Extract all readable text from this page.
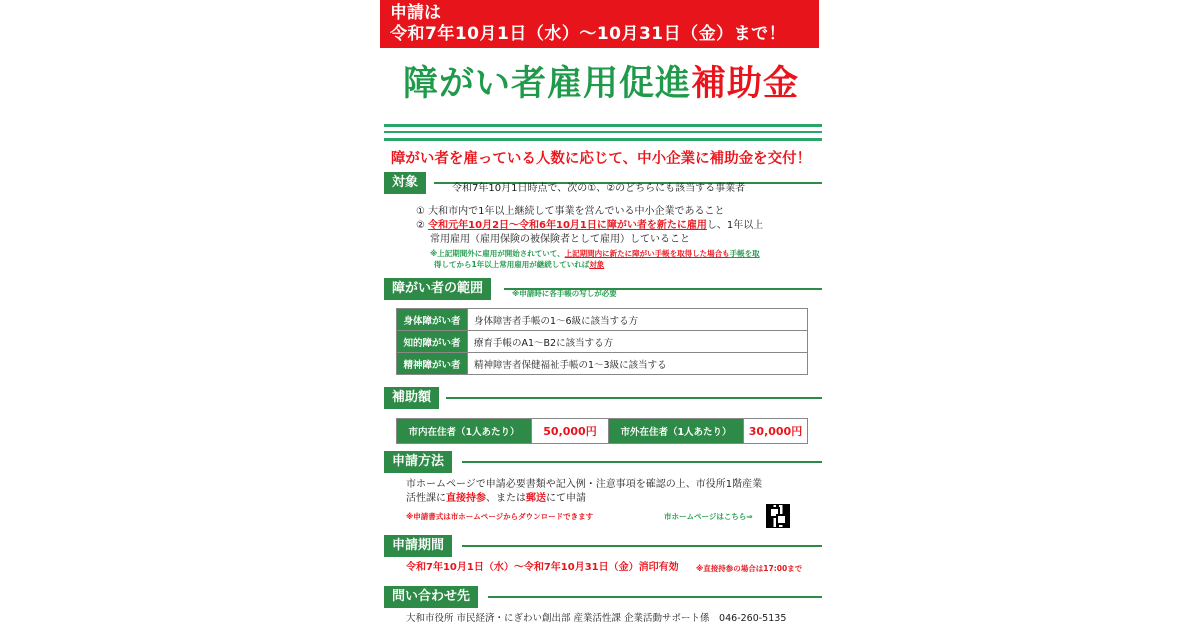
申請は
令和7年10月1日（水）～10月31日（金）まで！
障がい者雇用促進補助金
障がい者を雇っている人数に応じて、中小企業に補助金を交付！
対象	令和7年10月1日時点で、次の①、②のどちらにも該当する事業者
① 大和市内で1年以上継続して事業を営んでいる中小企業であること
② 令和元年10月2日～令和6年10月1日に障がい者を新たに雇用し、1年以上
常用雇用（雇用保険の被保険者として雇用）していること
※上記期間外に雇用が開始されていて、上記期間内に新たに障がい手帳を取得した場合も手帳を取
得してから1年以上常用雇用が継続していれば対象
障がい者の範囲	※申請時に各手帳の写しが必要
身体障がい者	身体障害者手帳の1～6級に該当する方
知的障がい者	療育手帳のA1～B2に該当する方
精神障がい者	精神障害者保健福祉手帳の1～3級に該当する
補助額
市内在住者（1人あたり）	50,000円	市外在住者（1人あたり）	30,000円
申請方法
市ホームページで申請必要書類や記入例・注意事項を確認の上、市役所1階産業
活性課に直接持参、または郵送にて申請
※申請書式は市ホームページからダウンロードできます	市ホームページはこちら⇒
申請期間
令和7年10月1日（水）～令和7年10月31日（金）消印有効 ※直接持参の場合は17:00まで
問い合わせ先
大和市役所 市民経済・にぎわい創出部 産業活性課 企業活動サポート係　046-260-5135
